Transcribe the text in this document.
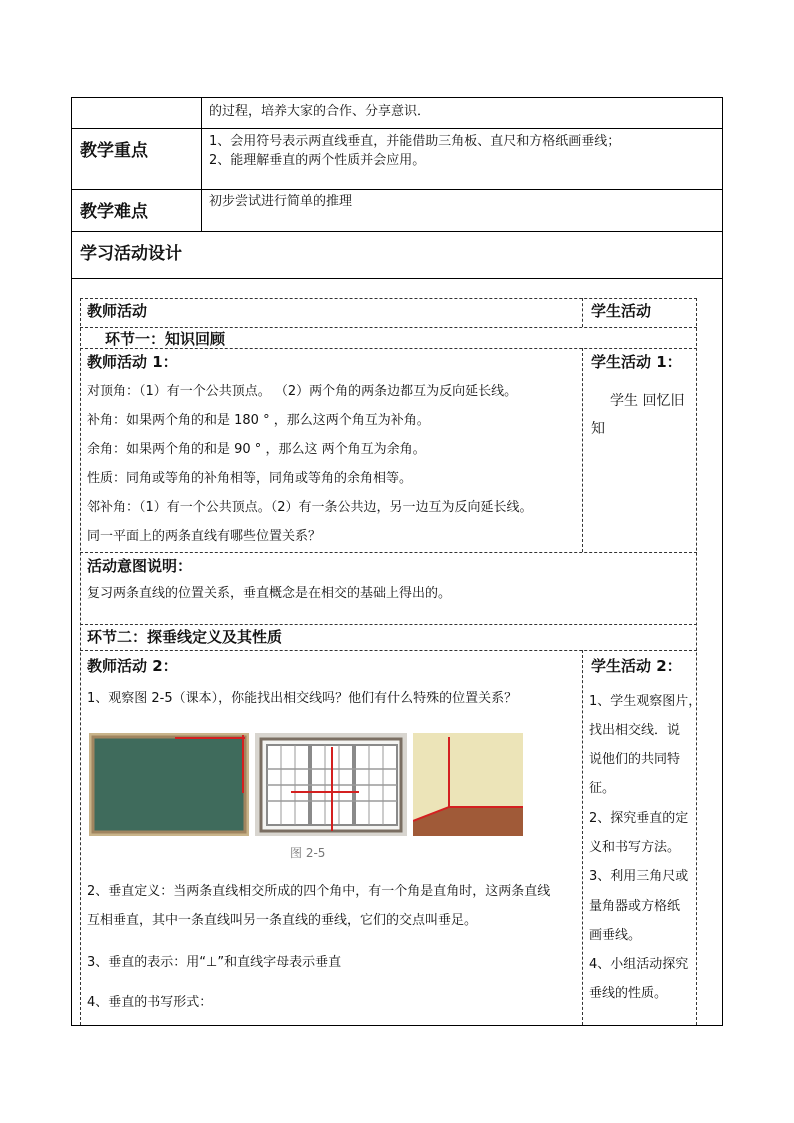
的过程，培养大家的合作、分享意识．
教学重点	1、会用符号表示两直线垂直，并能借助三角板、直尺和方格纸画垂线；
2、能理解垂直的两个性质并会应用。
教学难点
初步尝试进行简单的推理
学习活动设计
教师活动	学生活动
环节一：知识回顾
教师活动 1：
对顶角：（1）有一个公共顶点。 （2）两个角的两条边都互为反向延长线。
补角：如果两个角的和是 180 ° ，那么这两个角互为补角。
余角：如果两个角的和是 90 ° ，那么这 两个角互为余角。
性质：同角或等角的补角相等，同角或等角的余角相等。
邻补角：（1）有一个公共顶点。（2）有一条公共边，另一边互为反向延长线。
同一平面上的两条直线有哪些位置关系？
学生活动 1：
学生 回忆旧
知
活动意图说明：
复习两条直线的位置关系，垂直概念是在相交的基础上得出的。
环节二：探垂线定义及其性质
教师活动 2：
1、观察图 2-5（课本），你能找出相交线吗？他们有什么特殊的位置关系？
图 2-5
2、垂直定义：当两条直线相交所成的四个角中，有一个角是直角时，这两条直线
互相垂直，其中一条直线叫另一条直线的垂线，它们的交点叫垂足。
3、垂直的表示：用“⊥”和直线字母表示垂直
4、垂直的书写形式：
学生活动 2：
1、学生观察图片，
找出相交线．说
说他们的共同特
征。
2、探究垂直的定
义和书写方法。
3、利用三角尺或
量角器或方格纸
画垂线。
4、小组活动探究
垂线的性质。
